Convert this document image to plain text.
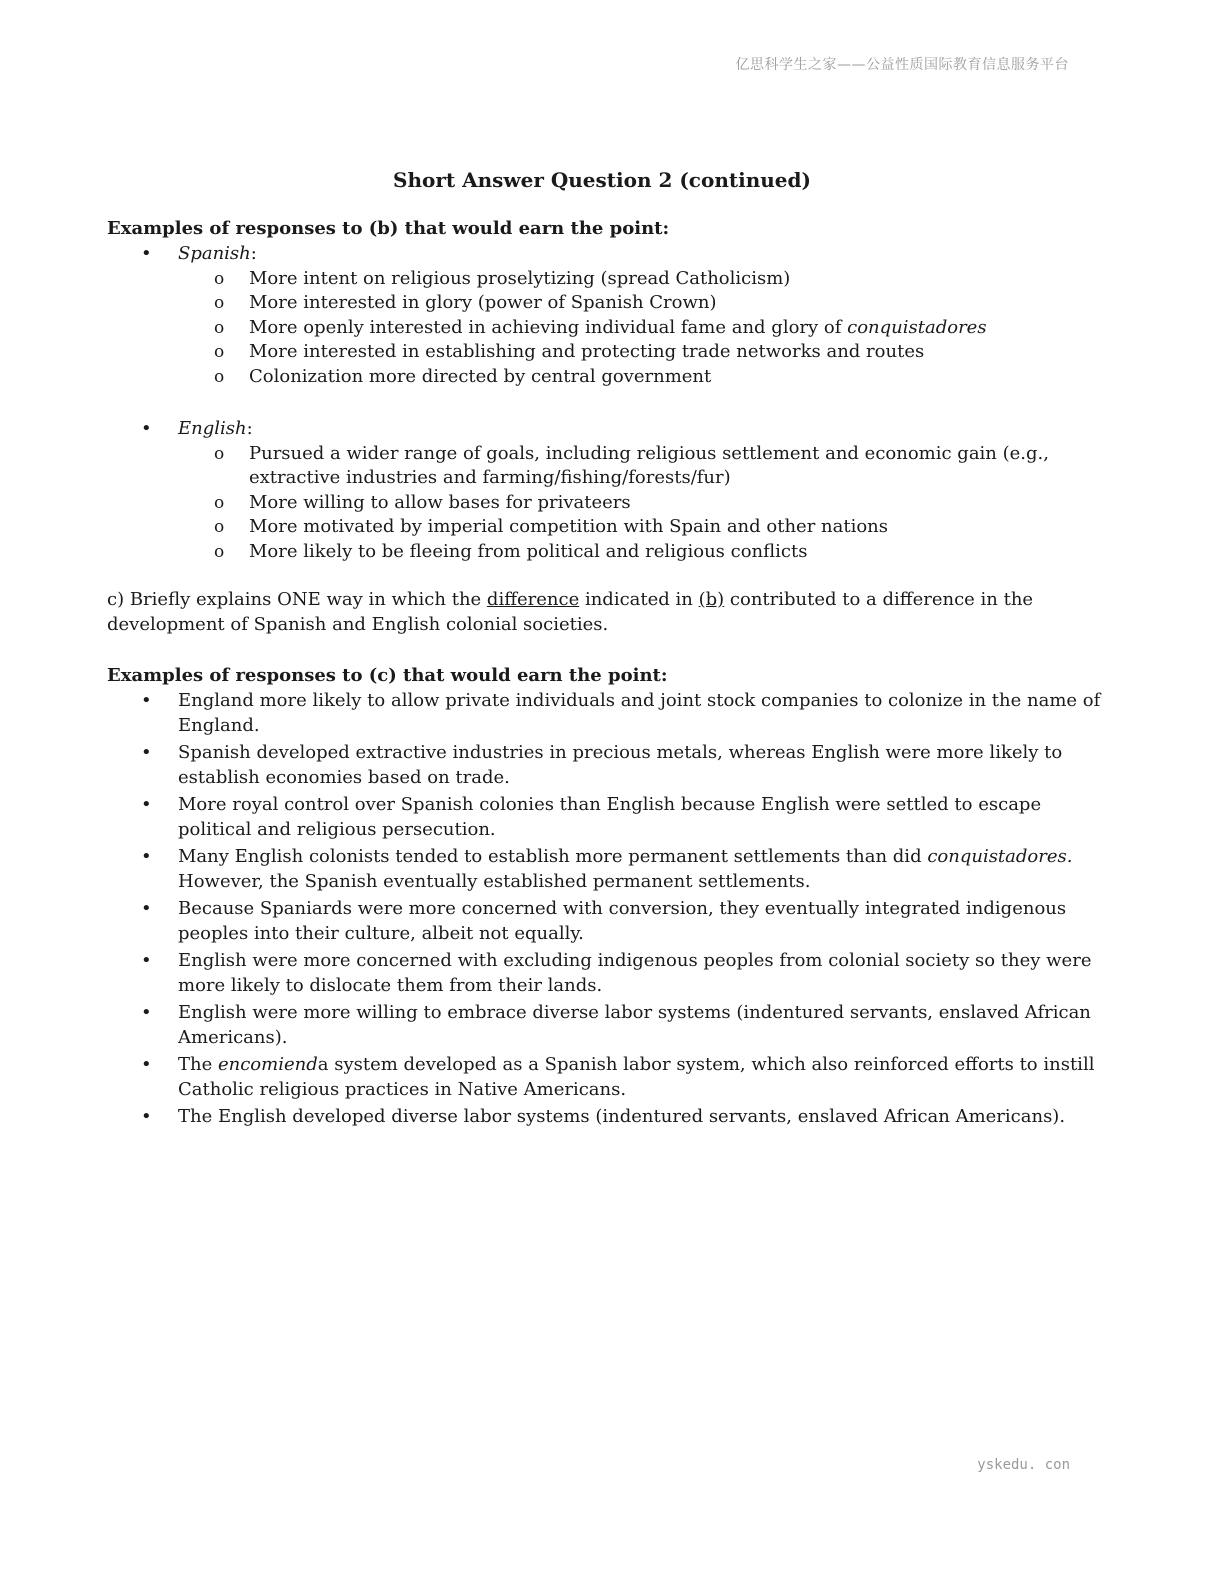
亿思科学生之家——公益性质国际教育信息服务平台
Short Answer Question 2 (continued)

Examples of responses to (b) that would earn the point:

• Spanish:
o More intent on religious proselytizing (spread Catholicism)
o More interested in glory (power of Spanish Crown)
o More openly interested in achieving individual fame and glory of conquistadores
o More interested in establishing and protecting trade networks and routes
o Colonization more directed by central government
• English:
o Pursued a wider range of goals, including religious settlement and economic gain (e.g., extractive industries and farming/fishing/forests/fur)
o More willing to allow bases for privateers
o More motivated by imperial competition with Spain and other nations
o More likely to be fleeing from political and religious conflicts

c) Briefly explains ONE way in which the difference indicated in (b) contributed to a difference in the development of Spanish and English colonial societies.

Examples of responses to (c) that would earn the point:

• England more likely to allow private individuals and joint stock companies to colonize in the name of England.
• Spanish developed extractive industries in precious metals, whereas English were more likely to establish economies based on trade.
• More royal control over Spanish colonies than English because English were settled to escape political and religious persecution.
• Many English colonists tended to establish more permanent settlements than did conquistadores. However, the Spanish eventually established permanent settlements.
• Because Spaniards were more concerned with conversion, they eventually integrated indigenous peoples into their culture, albeit not equally.
• English were more concerned with excluding indigenous peoples from colonial society so they were more likely to dislocate them from their lands.
• English were more willing to embrace diverse labor systems (indentured servants, enslaved African Americans).
• The encomienda system developed as a Spanish labor system, which also reinforced efforts to instill Catholic religious practices in Native Americans.
• The English developed diverse labor systems (indentured servants, enslaved African Americans).
yskedu. con
